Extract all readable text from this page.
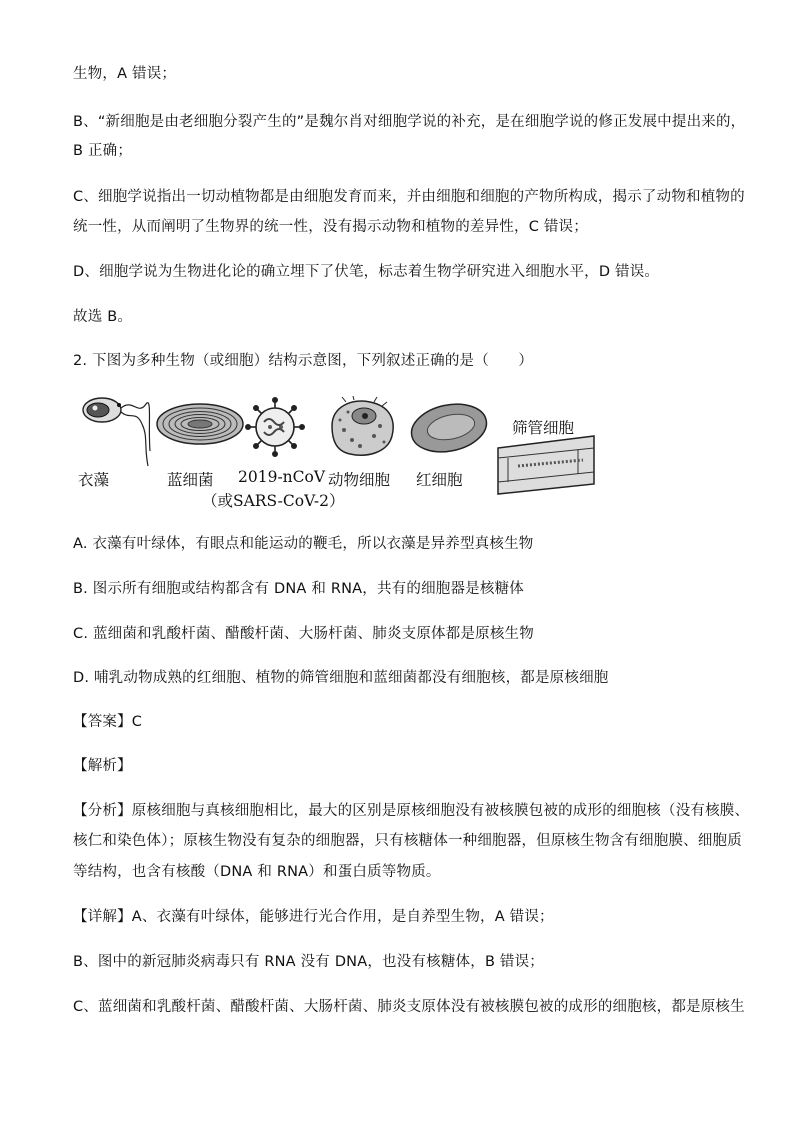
生物，A 错误；
B、“新细胞是由老细胞分裂产生的”是魏尔肖对细胞学说的补充，是在细胞学说的修正发展中提出来的，
B 正确；
C、细胞学说指出一切动植物都是由细胞发育而来，并由细胞和细胞的产物所构成，揭示了动物和植物的
统一性，从而阐明了生物界的统一性，没有揭示动物和植物的差异性，C 错误；
D、细胞学说为生物进化论的确立埋下了伏笔，标志着生物学研究进入细胞水平，D 错误。
故选 B。
2. 下图为多种生物（或细胞）结构示意图，下列叙述正确的是（　　）
衣藻	蓝细菌 2019-nCoV
（或SARS-CoV-2）
动物细胞 红细胞
筛管细胞
A. 衣藻有叶绿体，有眼点和能运动的鞭毛，所以衣藻是异养型真核生物
B. 图示所有细胞或结构都含有 DNA 和 RNA，共有的细胞器是核糖体
C. 蓝细菌和乳酸杆菌、醋酸杆菌、大肠杆菌、肺炎支原体都是原核生物
D. 哺乳动物成熟的红细胞、植物的筛管细胞和蓝细菌都没有细胞核，都是原核细胞
【答案】C
【解析】
【分析】原核细胞与真核细胞相比，最大的区别是原核细胞没有被核膜包被的成形的细胞核（没有核膜、
核仁和染色体）；原核生物没有复杂的细胞器，只有核糖体一种细胞器，但原核生物含有细胞膜、细胞质
等结构，也含有核酸（DNA 和 RNA）和蛋白质等物质。
【详解】A、衣藻有叶绿体，能够进行光合作用，是自养型生物，A 错误；
B、图中的新冠肺炎病毒只有 RNA 没有 DNA，也没有核糖体，B 错误；
C、蓝细菌和乳酸杆菌、醋酸杆菌、大肠杆菌、肺炎支原体没有被核膜包被的成形的细胞核，都是原核生
